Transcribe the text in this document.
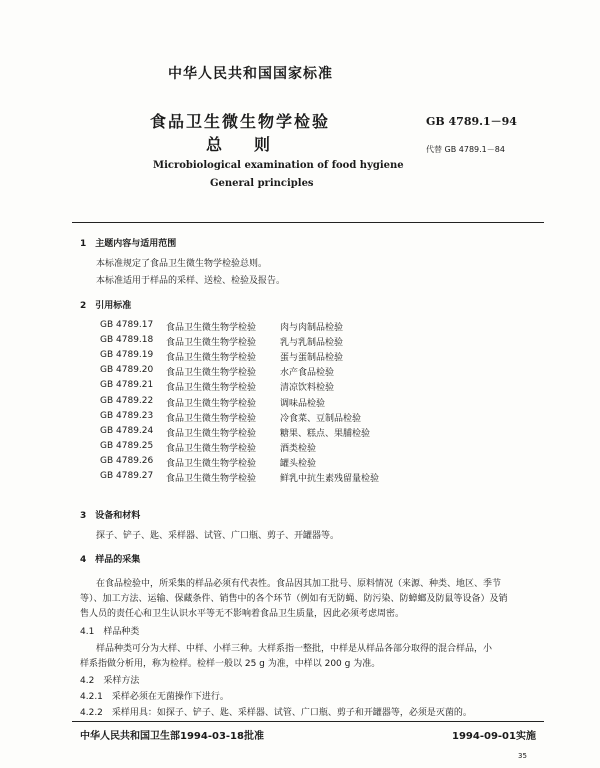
中华人民共和国国家标准
食品卫生微生物学检验
总　　则
GB 4789.1－94
代替 GB 4789.1－84
Microbiological examination of food hygiene
General principles
1　主题内容与适用范围
本标准规定了食品卫生微生物学检验总则。
本标准适用于样品的采样、送检、检验及报告。
2　引用标准
GB 4789.17 食品卫生微生物学检验	肉与肉制品检验
GB 4789.18 食品卫生微生物学检验	乳与乳制品检验
GB 4789.19 食品卫生微生物学检验	蛋与蛋制品检验
GB 4789.20 食品卫生微生物学检验	水产食品检验
GB 4789.21 食品卫生微生物学检验	清凉饮料检验
GB 4789.22 食品卫生微生物学检验	调味品检验
GB 4789.23 食品卫生微生物学检验	冷食菜、豆制品检验
GB 4789.24 食品卫生微生物学检验	糖果、糕点、果脯检验
GB 4789.25 食品卫生微生物学检验	酒类检验
GB 4789.26 食品卫生微生物学检验	罐头检验
GB 4789.27 食品卫生微生物学检验	鲜乳中抗生素残留量检验
3　设备和材料
探子、铲子、匙、采样器、试管、广口瓶、剪子、开罐器等。
4　样品的采集
在食品检验中，所采集的样品必须有代表性。食品因其加工批号、原料情况（来源、种类、地区、季节
等）、加工方法、运输、保藏条件、销售中的各个环节（例如有无防蝇、防污染、防蟑螂及防鼠等设备）及销
售人员的责任心和卫生认识水平等无不影响着食品卫生质量，因此必须考虑周密。
4.1　样品种类
样品种类可分为大样、中样、小样三种。大样系指一整批，中样是从样品各部分取得的混合样品，小
样系指做分析用，称为检样。检样一般以 25 g 为准，中样以 200 g 为准。
4.2　采样方法
4.2.1　采样必须在无菌操作下进行。
4.2.2　采样用具：如探子、铲子、匙、采样器、试管、广口瓶、剪子和开罐器等，必须是灭菌的。
中华人民共和国卫生部1994-03-18批准	1994-09-01实施
35
